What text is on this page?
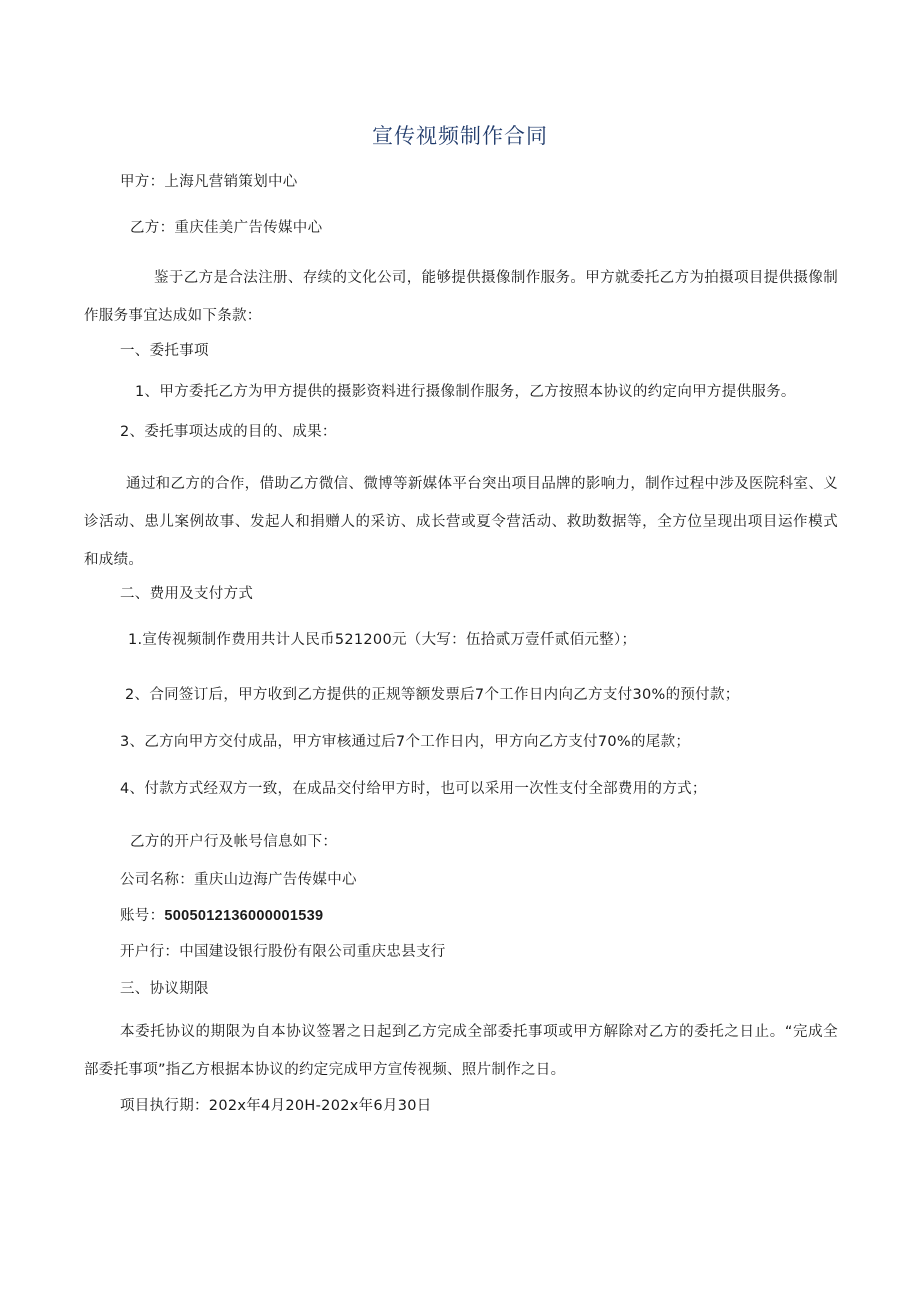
宣传视频制作合同
甲方：上海凡营销策划中心
乙方：重庆佳美广告传媒中心
鉴于乙方是合法注册、存续的文化公司，能够提供摄像制作服务。甲方就委托乙方为拍摄项目提供摄像制作服务事宜达成如下条款：
一、委托事项
1、甲方委托乙方为甲方提供的摄影资料进行摄像制作服务，乙方按照本协议的约定向甲方提供服务。
2、委托事项达成的目的、成果：
通过和乙方的合作，借助乙方微信、微博等新媒体平台突出项目品牌的影响力，制作过程中涉及医院科室、义诊活动、患儿案例故事、发起人和捐赠人的采访、成长营或夏令营活动、救助数据等，全方位呈现出项目运作模式和成绩。
二、费用及支付方式
1.宣传视频制作费用共计人民币521200元（大写：伍拾贰万壹仟贰佰元整）；
2、合同签订后，甲方收到乙方提供的正规等额发票后7个工作日内向乙方支付30%的预付款；
3、乙方向甲方交付成品，甲方审核通过后7个工作日内，甲方向乙方支付70%的尾款；
4、付款方式经双方一致，在成品交付给甲方时，也可以采用一次性支付全部费用的方式；
乙方的开户行及帐号信息如下：
公司名称：重庆山边海广告传媒中心
账号：5005012136000001539
开户行：中国建设银行股份有限公司重庆忠县支行
三、协议期限
本委托协议的期限为自本协议签署之日起到乙方完成全部委托事项或甲方解除对乙方的委托之日止。“完成全部委托事项”指乙方根据本协议的约定完成甲方宣传视频、照片制作之日。
项目执行期：202x年4月20H-202x年6月30日
